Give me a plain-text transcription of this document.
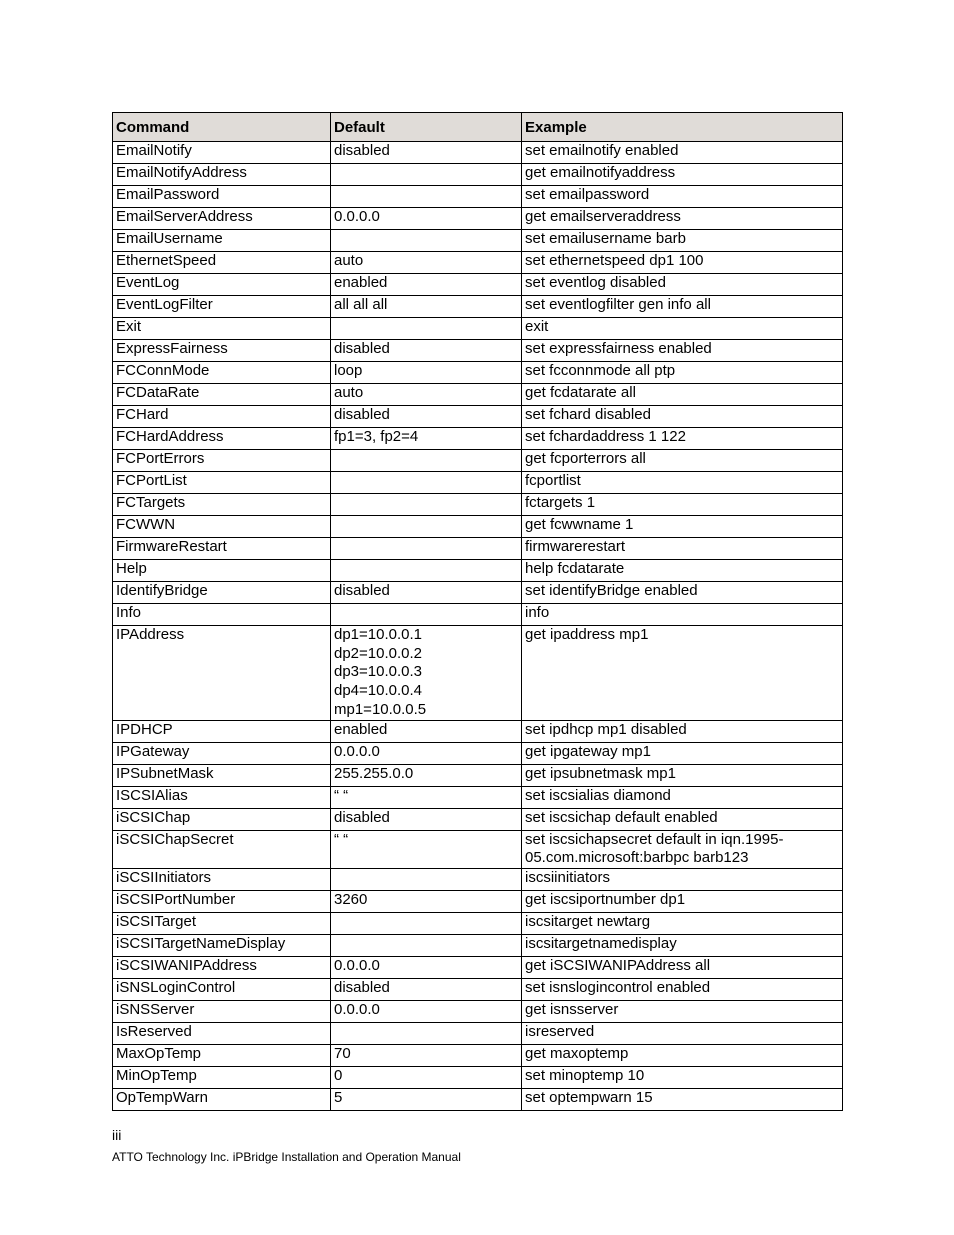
Command	Default	Example
EmailNotify	disabled	set emailnotify enabled
EmailNotifyAddress		get emailnotifyaddress
EmailPassword		set emailpassword
EmailServerAddress	0.0.0.0	get emailserveraddress
EmailUsername		set emailusername barb
EthernetSpeed	auto	set ethernetspeed dp1 100
EventLog	enabled	set eventlog disabled
EventLogFilter	all all all	set eventlogfilter gen info all
Exit		exit
ExpressFairness	disabled	set expressfairness enabled
FCConnMode	loop	set fcconnmode all ptp
FCDataRate	auto	get fcdatarate all
FCHard	disabled	set fchard disabled
FCHardAddress	fp1=3, fp2=4	set fchardaddress 1 122
FCPortErrors		get fcporterrors all
FCPortList		fcportlist
FCTargets		fctargets 1
FCWWN		get fcwwname 1
FirmwareRestart		firmwarerestart
Help		help fcdatarate
IdentifyBridge	disabled	set identifyBridge enabled
Info		info
IPAddress	dp1=10.0.0.1
dp2=10.0.0.2
dp3=10.0.0.3
dp4=10.0.0.4
mp1=10.0.0.5	get ipaddress mp1
IPDHCP	enabled	set ipdhcp mp1 disabled
IPGateway	0.0.0.0	get ipgateway mp1
IPSubnetMask	255.255.0.0	get ipsubnetmask mp1
ISCSIAlias	“ “	set iscsialias diamond
iSCSIChap	disabled	set iscsichap default enabled
iSCSIChapSecret	“ “	set iscsichapsecret default in iqn.1995-
05.com.microsoft:barbpc barb123
iSCSIInitiators		iscsiinitiators
iSCSIPortNumber	3260	get iscsiportnumber dp1
iSCSITarget		iscsitarget newtarg
iSCSITargetNameDisplay		iscsitargetnamedisplay
iSCSIWANIPAddress	0.0.0.0	get iSCSIWANIPAddress all
iSNSLoginControl	disabled	set isnslogincontrol enabled
iSNSServer	0.0.0.0	get isnsserver
IsReserved		isreserved
MaxOpTemp	70	get maxoptemp
MinOpTemp	0	set minoptemp 10
OpTempWarn	5	set optempwarn 15
iii
ATTO Technology Inc. iPBridge Installation and Operation Manual
